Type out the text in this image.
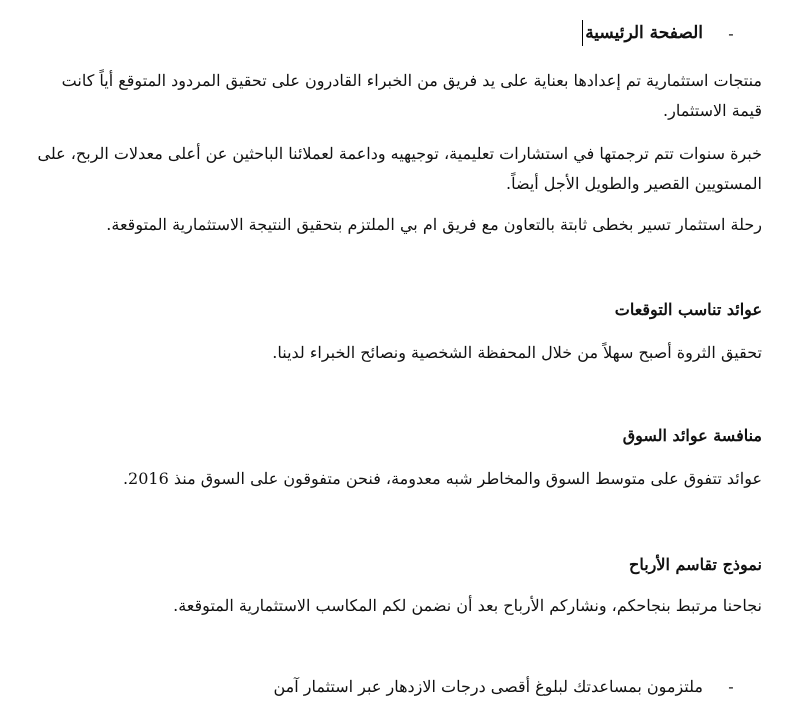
-
الصفحة الرئيسية

منتجات استثمارية تم إعدادها بعناية على يد فريق من الخبراء القادرون على تحقيق المردود المتوقع أياً كانت قيمة الاستثمار.

خبرة سنوات تتم ترجمتها في استشارات تعليمية، توجيهيه وداعمة لعملائنا الباحثين عن أعلى معدلات الربح، على المستويين القصير والطويل الأجل أيضاً.

رحلة استثمار تسير بخطى ثابتة بالتعاون مع فريق ام بي الملتزم بتحقيق النتيجة الاستثمارية المتوقعة.

عوائد تناسب التوقعات

تحقيق الثروة أصبح سهلاً من خلال المحفظة الشخصية ونصائح الخبراء لدينا.

منافسة عوائد السوق

عوائد تتفوق على متوسط السوق والمخاطر شبه معدومة، فنحن متفوقون على السوق منذ 2016.

نموذج تقاسم الأرباح

نجاحنا مرتبط بنجاحكم، ونشاركم الأرباح بعد أن نضمن لكم المكاسب الاستثمارية المتوقعة.

-
ملتزمون بمساعدتك لبلوغ أقصى درجات الازدهار عبر استثمار آمن
